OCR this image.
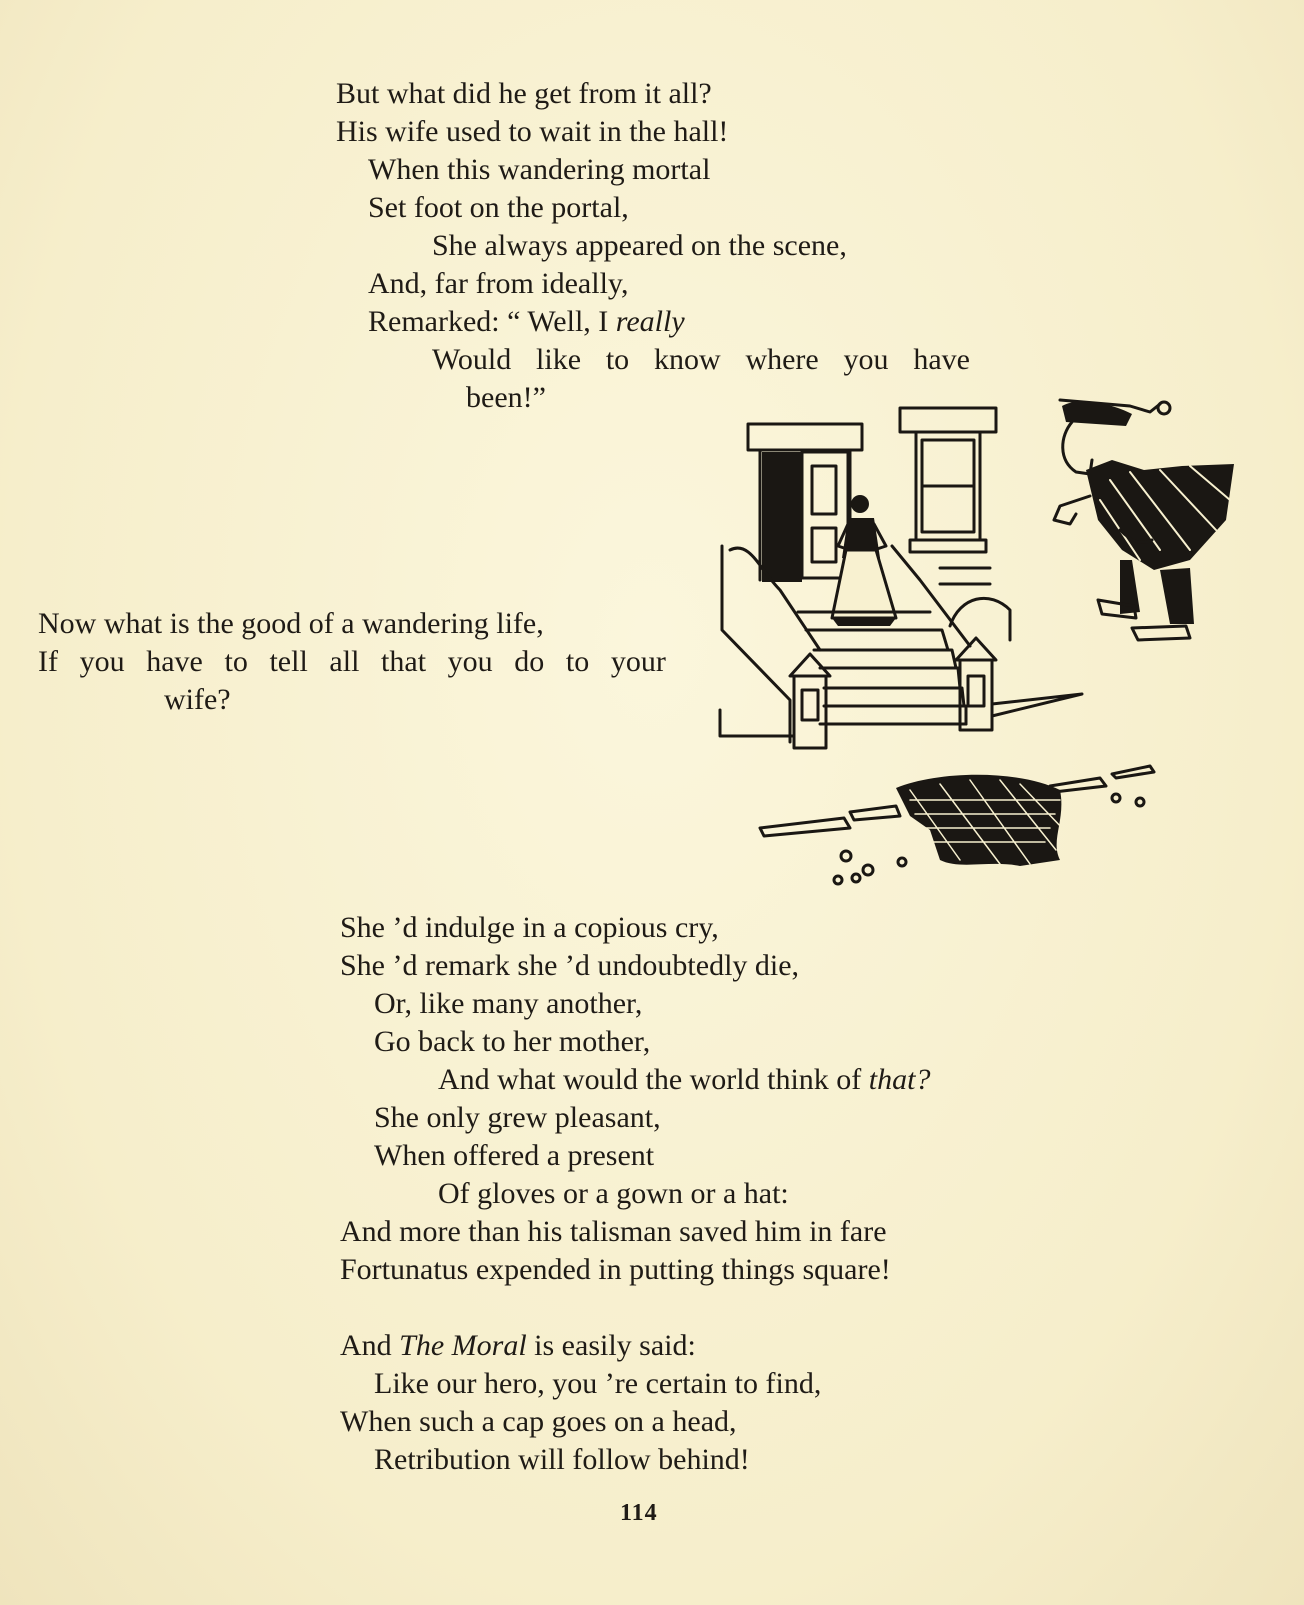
But what did he get from it all?
His wife used to wait in the hall!
When this wandering mortal
Set foot on the portal,
She always appeared on the scene,
And, far from ideally,
Remarked: “ Well, I really
Would like to know where you have
been!”
Now what is the good of a wandering life,
If you have to tell all that you do to your
wife?
She ’d indulge in a copious cry,
She ’d remark she ’d undoubtedly die,
Or, like many another,
Go back to her mother,
And what would the world think of that?
She only grew pleasant,
When offered a present
Of gloves or a gown or a hat:
And more than his talisman saved him in fare
Fortunatus expended in putting things square!
And The Moral is easily said:
Like our hero, you ’re certain to find,
When such a cap goes on a head,
Retribution will follow behind!
114
